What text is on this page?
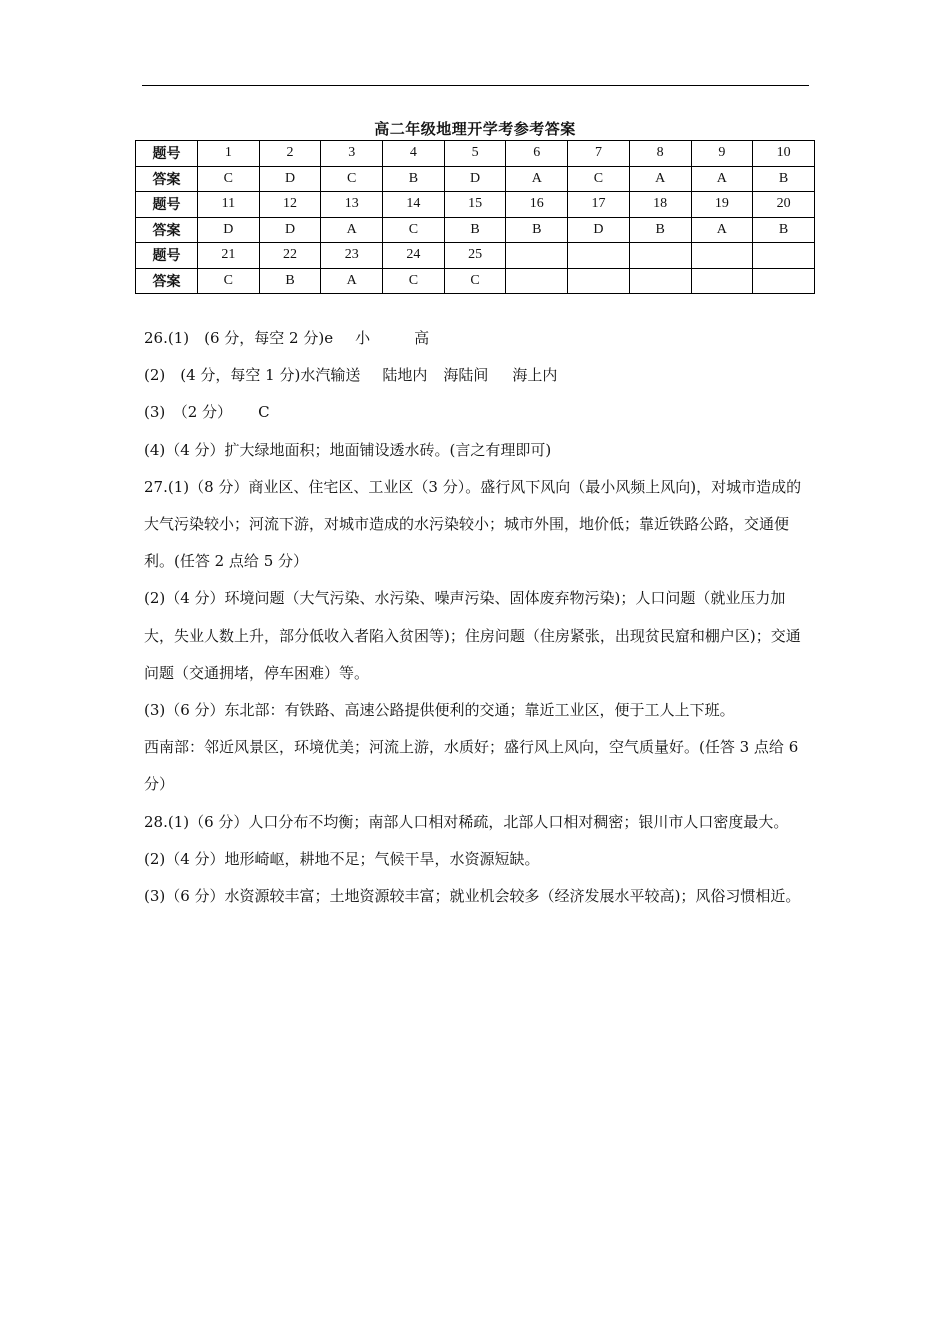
高二年级地理开学考参考答案
题号	1	2	3	4	5	6	7	8	9	10
答案	C	D	C	B	D	A	C	A	A	B
题号	11	12	13	14	15	16	17	18	19	20
答案	D	D	A	C	B	B	D	B	A	B
题号	21	22	23	24	25					
答案	C	B	A	C	C					

26.(1)　(6 分，每空 2 分)e 小	高

(2)　(4 分，每空 1 分)水汽输送 陆地内 海陆间 海上内

(3)　（2 分） C

(4)（4 分）扩大绿地面积；地面铺设透水砖。(言之有理即可)

27.(1)（8 分）商业区、住宅区、工业区（3 分）。盛行风下风向（最小风频上风向)，对城市造成的大气污染较小；河流下游，对城市造成的水污染较小；城市外围，地价低；靠近铁路公路，交通便利。(任答 2 点给 5 分）

(2)（4 分）环境问题（大气污染、水污染、噪声污染、固体废弃物污染)；人口问题（就业压力加大，失业人数上升，部分低收入者陷入贫困等)；住房问题（住房紧张，出现贫民窟和棚户区)；交通问题（交通拥堵，停车困难）等。

(3)（6 分）东北部：有铁路、高速公路提供便利的交通；靠近工业区，便于工人上下班。

西南部：邻近风景区，环境优美；河流上游，水质好；盛行风上风向，空气质量好。(任答 3 点给 6 分）

28.(1)（6 分）人口分布不均衡；南部人口相对稀疏，北部人口相对稠密；银川市人口密度最大。

(2)（4 分）地形崎岖，耕地不足；气候干旱，水资源短缺。

(3)（6 分）水资源较丰富；土地资源较丰富；就业机会较多（经济发展水平较高)；风俗习惯相近。
